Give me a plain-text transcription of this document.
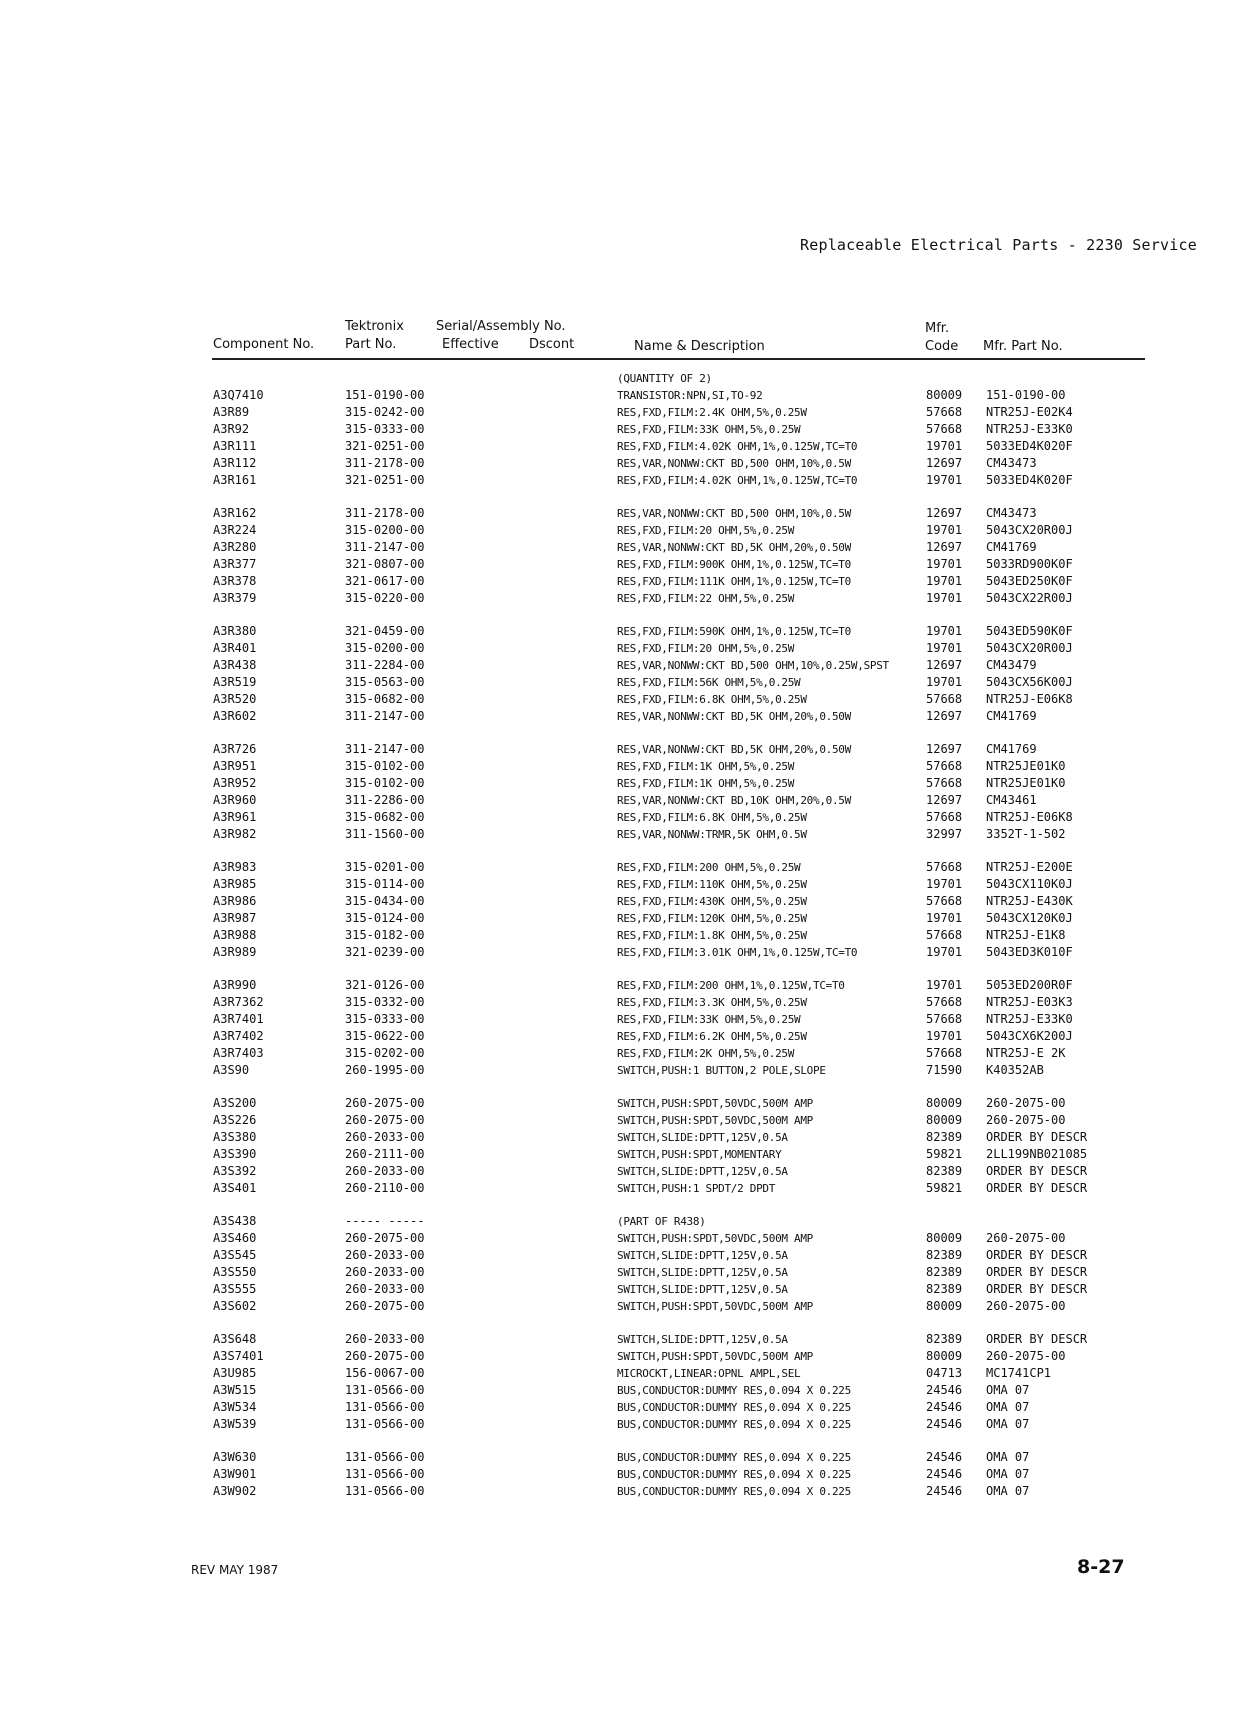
Replaceable Electrical Parts - 2230 Service
Component No.
Tektronix
Part No.
Serial/Assembly No.
Effective Dscont	Name & Description
Mfr.
Code Mfr. Part No.
(QUANTITY OF 2)
A3Q7410	151-0190-00	TRANSISTOR:NPN,SI,TO-92	80009 151-0190-00
A3R89	315-0242-00	RES,FXD,FILM:2.4K OHM,5%,0.25W	57668 NTR25J-E02K4
A3R92	315-0333-00	RES,FXD,FILM:33K OHM,5%,0.25W	57668 NTR25J-E33K0
A3R111	321-0251-00	RES,FXD,FILM:4.02K OHM,1%,0.125W,TC=T0	19701 5033ED4K020F
A3R112	311-2178-00	RES,VAR,NONWW:CKT BD,500 OHM,10%,0.5W	12697 CM43473
A3R161	321-0251-00	RES,FXD,FILM:4.02K OHM,1%,0.125W,TC=T0	19701 5033ED4K020F
A3R162	311-2178-00	RES,VAR,NONWW:CKT BD,500 OHM,10%,0.5W	12697 CM43473
A3R224	315-0200-00	RES,FXD,FILM:20 OHM,5%,0.25W	19701 5043CX20R00J
A3R280	311-2147-00	RES,VAR,NONWW:CKT BD,5K OHM,20%,0.50W	12697 CM41769
A3R377	321-0807-00	RES,FXD,FILM:900K OHM,1%,0.125W,TC=T0	19701 5033RD900K0F
A3R378	321-0617-00	RES,FXD,FILM:111K OHM,1%,0.125W,TC=T0	19701 5043ED250K0F
A3R379	315-0220-00	RES,FXD,FILM:22 OHM,5%,0.25W	19701 5043CX22R00J
A3R380	321-0459-00	RES,FXD,FILM:590K OHM,1%,0.125W,TC=T0	19701 5043ED590K0F
A3R401	315-0200-00	RES,FXD,FILM:20 OHM,5%,0.25W	19701 5043CX20R00J
A3R438	311-2284-00	RES,VAR,NONWW:CKT BD,500 OHM,10%,0.25W,SPST	12697 CM43479
A3R519	315-0563-00	RES,FXD,FILM:56K OHM,5%,0.25W	19701 5043CX56K00J
A3R520	315-0682-00	RES,FXD,FILM:6.8K OHM,5%,0.25W	57668 NTR25J-E06K8
A3R602	311-2147-00	RES,VAR,NONWW:CKT BD,5K OHM,20%,0.50W	12697 CM41769
A3R726	311-2147-00	RES,VAR,NONWW:CKT BD,5K OHM,20%,0.50W	12697 CM41769
A3R951	315-0102-00	RES,FXD,FILM:1K OHM,5%,0.25W	57668 NTR25JE01K0
A3R952	315-0102-00	RES,FXD,FILM:1K OHM,5%,0.25W	57668 NTR25JE01K0
A3R960	311-2286-00	RES,VAR,NONWW:CKT BD,10K OHM,20%,0.5W	12697 CM43461
A3R961	315-0682-00	RES,FXD,FILM:6.8K OHM,5%,0.25W	57668 NTR25J-E06K8
A3R982	311-1560-00	RES,VAR,NONWW:TRMR,5K OHM,0.5W	32997 3352T-1-502
A3R983	315-0201-00	RES,FXD,FILM:200 OHM,5%,0.25W	57668 NTR25J-E200E
A3R985	315-0114-00	RES,FXD,FILM:110K OHM,5%,0.25W	19701 5043CX110K0J
A3R986	315-0434-00	RES,FXD,FILM:430K OHM,5%,0.25W	57668 NTR25J-E430K
A3R987	315-0124-00	RES,FXD,FILM:120K OHM,5%,0.25W	19701 5043CX120K0J
A3R988	315-0182-00	RES,FXD,FILM:1.8K OHM,5%,0.25W	57668 NTR25J-E1K8
A3R989	321-0239-00	RES,FXD,FILM:3.01K OHM,1%,0.125W,TC=T0	19701 5043ED3K010F
A3R990	321-0126-00	RES,FXD,FILM:200 OHM,1%,0.125W,TC=T0	19701 5053ED200R0F
A3R7362	315-0332-00	RES,FXD,FILM:3.3K OHM,5%,0.25W	57668 NTR25J-E03K3
A3R7401	315-0333-00	RES,FXD,FILM:33K OHM,5%,0.25W	57668 NTR25J-E33K0
A3R7402	315-0622-00	RES,FXD,FILM:6.2K OHM,5%,0.25W	19701 5043CX6K200J
A3R7403	315-0202-00	RES,FXD,FILM:2K OHM,5%,0.25W	57668 NTR25J-E 2K
A3S90	260-1995-00	SWITCH,PUSH:1 BUTTON,2 POLE,SLOPE	71590 K40352AB
A3S200	260-2075-00	SWITCH,PUSH:SPDT,50VDC,500M AMP	80009 260-2075-00
A3S226	260-2075-00	SWITCH,PUSH:SPDT,50VDC,500M AMP	80009 260-2075-00
A3S380	260-2033-00	SWITCH,SLIDE:DPTT,125V,0.5A	82389 ORDER BY DESCR
A3S390	260-2111-00	SWITCH,PUSH:SPDT,MOMENTARY	59821 2LL199NB021085
A3S392	260-2033-00	SWITCH,SLIDE:DPTT,125V,0.5A	82389 ORDER BY DESCR
A3S401	260-2110-00	SWITCH,PUSH:1 SPDT/2 DPDT	59821 ORDER BY DESCR
A3S438	----- -----	(PART OF R438)
A3S460	260-2075-00	SWITCH,PUSH:SPDT,50VDC,500M AMP	80009 260-2075-00
A3S545	260-2033-00	SWITCH,SLIDE:DPTT,125V,0.5A	82389 ORDER BY DESCR
A3S550	260-2033-00	SWITCH,SLIDE:DPTT,125V,0.5A	82389 ORDER BY DESCR
A3S555	260-2033-00	SWITCH,SLIDE:DPTT,125V,0.5A	82389 ORDER BY DESCR
A3S602	260-2075-00	SWITCH,PUSH:SPDT,50VDC,500M AMP	80009 260-2075-00
A3S648	260-2033-00	SWITCH,SLIDE:DPTT,125V,0.5A	82389 ORDER BY DESCR
A3S7401	260-2075-00	SWITCH,PUSH:SPDT,50VDC,500M AMP	80009 260-2075-00
A3U985	156-0067-00	MICROCKT,LINEAR:OPNL AMPL,SEL	04713 MC1741CP1
A3W515	131-0566-00	BUS,CONDUCTOR:DUMMY RES,0.094 X 0.225	24546 OMA 07
A3W534	131-0566-00	BUS,CONDUCTOR:DUMMY RES,0.094 X 0.225	24546 OMA 07
A3W539	131-0566-00	BUS,CONDUCTOR:DUMMY RES,0.094 X 0.225	24546 OMA 07
A3W630	131-0566-00	BUS,CONDUCTOR:DUMMY RES,0.094 X 0.225	24546 OMA 07
A3W901	131-0566-00	BUS,CONDUCTOR:DUMMY RES,0.094 X 0.225	24546 OMA 07
A3W902	131-0566-00	BUS,CONDUCTOR:DUMMY RES,0.094 X 0.225	24546 OMA 07
REV MAY 1987	8-27
